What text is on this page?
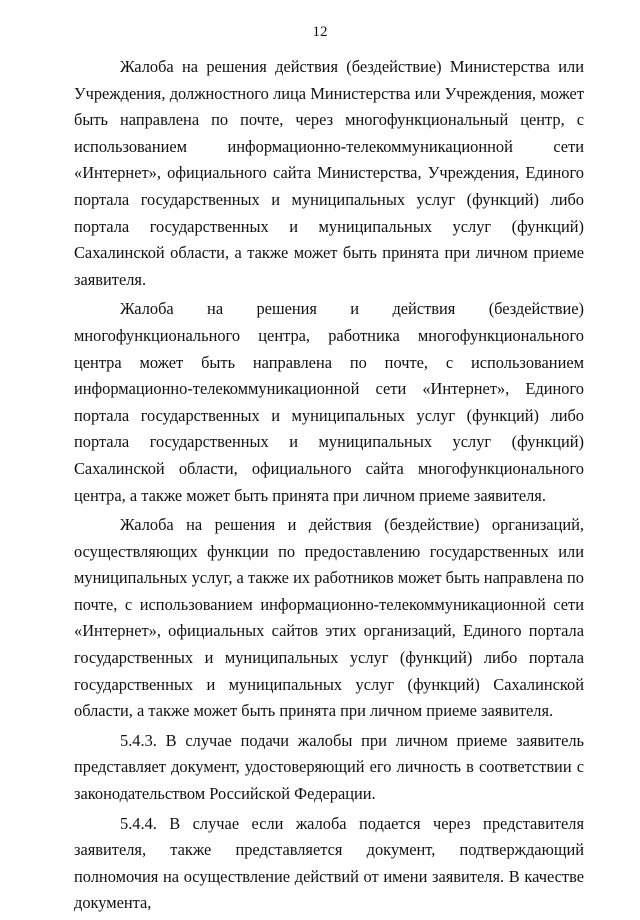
12

Жалоба на решения действия (бездействие) Министерства или Учреждения, должностного лица Министерства или Учреждения, может быть направлена по почте, через многофункциональный центр, с использованием информационно-телекоммуникационной сети «Интернет», официального сайта Министерства, Учреждения, Единого портала государственных и муниципальных услуг (функций) либо портала государственных и муниципальных услуг (функций) Сахалинской области, а также может быть принята при личном приеме заявителя.

Жалоба на решения и действия (бездействие) многофункционального центра, работника многофункционального центра может быть направлена по почте, с использованием информационно-телекоммуникационной сети «Интернет», Единого портала государственных и муниципальных услуг (функций) либо портала государственных и муниципальных услуг (функций) Сахалинской области, официального сайта многофункционального центра, а также может быть принята при личном приеме заявителя.

Жалоба на решения и действия (бездействие) организаций, осуществляющих функции по предоставлению государственных или муниципальных услуг, а также их работников может быть направлена по почте, с использованием информационно-телекоммуникационной сети «Интернет», официальных сайтов этих организаций, Единого портала государственных и муниципальных услуг (функций) либо портала государственных и муниципальных услуг (функций) Сахалинской области, а также может быть принята при личном приеме заявителя.

5.4.3. В случае подачи жалобы при личном приеме заявитель представляет документ, удостоверяющий его личность в соответствии с законодательством Российской Федерации.

5.4.4. В случае если жалоба подается через представителя заявителя, также представляется документ, подтверждающий полномочия на осуществление действий от имени заявителя. В качестве документа,
